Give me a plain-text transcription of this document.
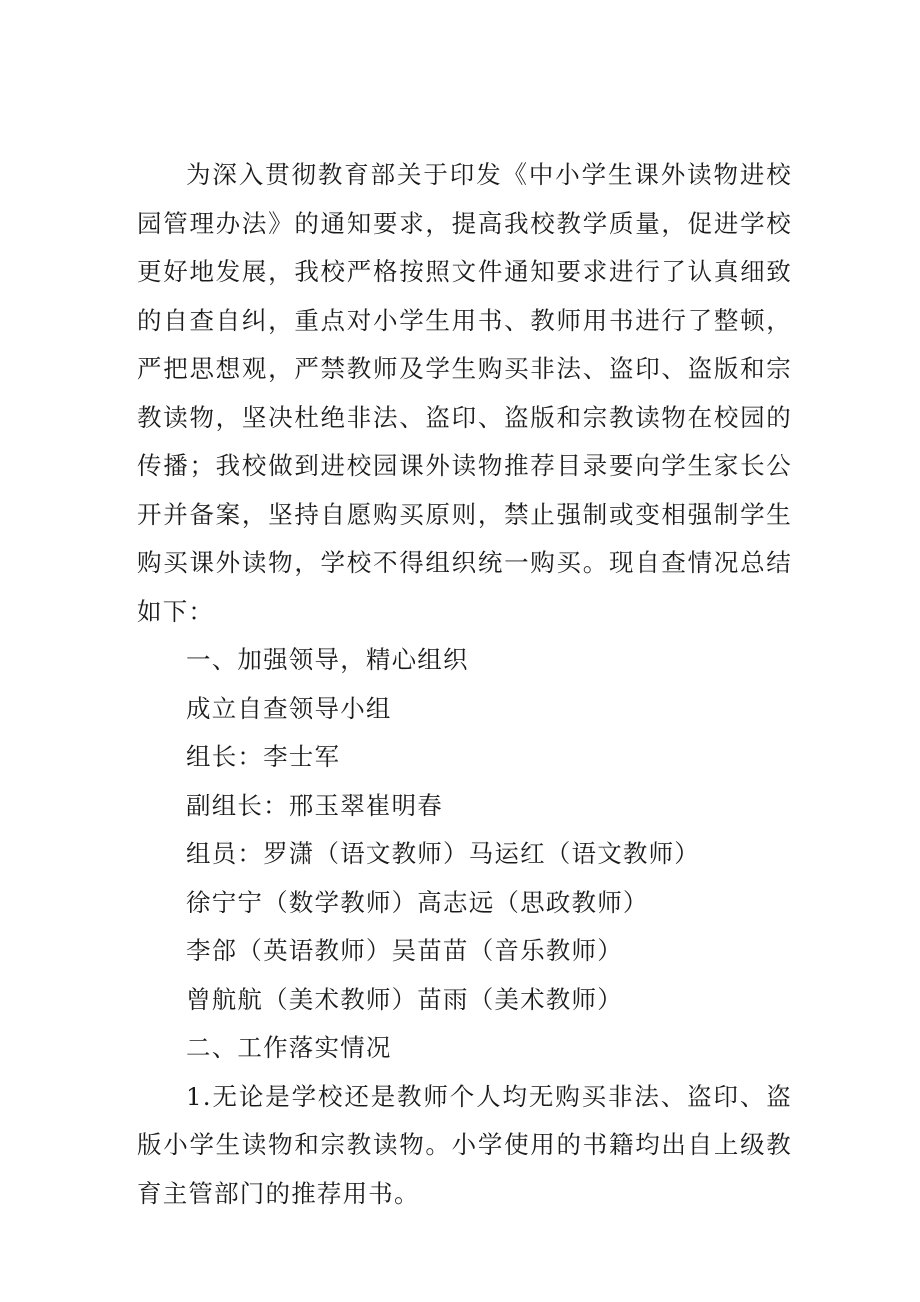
为深入贯彻教育部关于印发《中小学生课外读物进校园管理办法》的通知要求，提高我校教学质量，促进学校更好地发展，我校严格按照文件通知要求进行了认真细致的自查自纠，重点对小学生用书、教师用书进行了整顿，严把思想观，严禁教师及学生购买非法、盗印、盗版和宗教读物，坚决杜绝非法、盗印、盗版和宗教读物在校园的传播；我校做到进校园课外读物推荐目录要向学生家长公开并备案，坚持自愿购买原则，禁止强制或变相强制学生购买课外读物，学校不得组织统一购买。现自查情况总结如下：

一、加强领导，精心组织

成立自查领导小组

组长：李士军

副组长：邢玉翠崔明春

组员：罗潇（语文教师）马运红（语文教师）

徐宁宁（数学教师）高志远（思政教师）

李郃（英语教师）吴苗苗（音乐教师）

曾航航（美术教师）苗雨（美术教师）

二、工作落实情况

1.无论是学校还是教师个人均无购买非法、盗印、盗版小学生读物和宗教读物。小学使用的书籍均出自上级教育主管部门的推荐用书。
